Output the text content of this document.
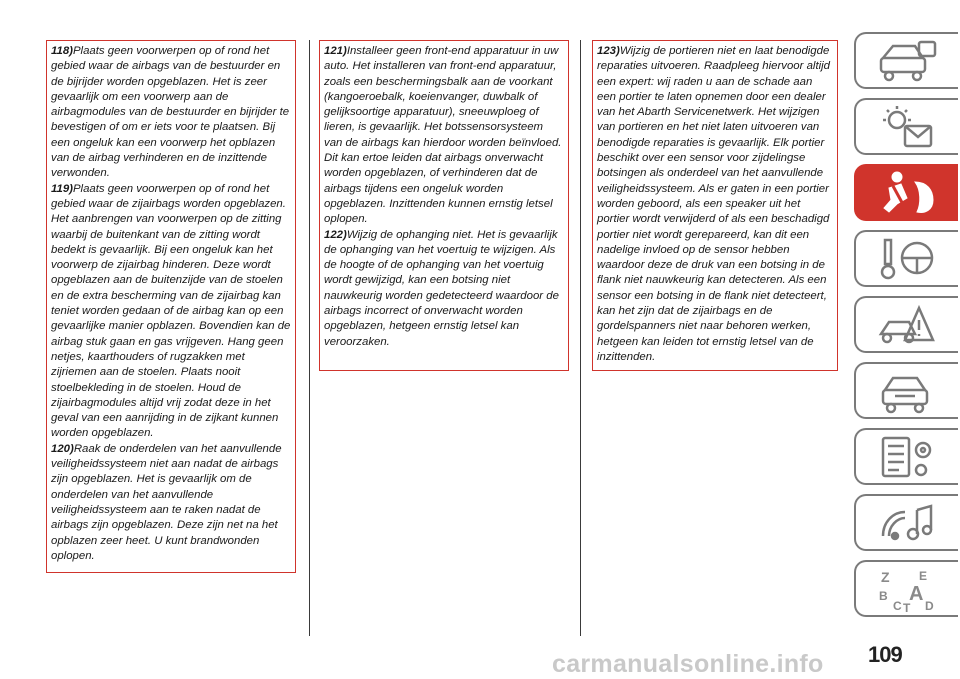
118)Plaats geen voorwerpen op of rond het gebied waar de airbags van de bestuurder en de bijrijder worden opgeblazen. Het is zeer gevaarlijk om een voorwerp aan de airbagmodules van de bestuurder en bijrijder te bevestigen of om er iets voor te plaatsen. Bij een ongeluk kan een voorwerp het opblazen van de airbag verhinderen en de inzittende verwonden.

119)Plaats geen voorwerpen op of rond het gebied waar de zijairbags worden opgeblazen. Het aanbrengen van voorwerpen op de zitting waarbij de buitenkant van de zitting wordt bedekt is gevaarlijk. Bij een ongeluk kan het voorwerp de zijairbag hinderen. Deze wordt opgeblazen aan de buitenzijde van de stoelen en de extra bescherming van de zijairbag kan teniet worden gedaan of de airbag kan op een gevaarlijke manier opblazen. Bovendien kan de airbag stuk gaan en gas vrijgeven. Hang geen netjes, kaarthouders of rugzakken met zijriemen aan de stoelen. Plaats nooit stoelbekleding in de stoelen. Houd de zijairbagmodules altijd vrij zodat deze in het geval van een aanrijding in de zijkant kunnen worden opgeblazen.

120)Raak de onderdelen van het aanvullende veiligheidssysteem niet aan nadat de airbags zijn opgeblazen. Het is gevaarlijk om de onderdelen van het aanvullende veiligheidssysteem aan te raken nadat de airbags zijn opgeblazen. Deze zijn net na het opblazen zeer heet. U kunt brandwonden oplopen.

121)Installeer geen front-end apparatuur in uw auto. Het installeren van front-end apparatuur, zoals een beschermingsbalk aan de voorkant (kangoeroebalk, koeienvanger, duwbalk of gelijksoortige apparatuur), sneeuwploeg of lieren, is gevaarlijk. Het botssensorsysteem van de airbags kan hierdoor worden beïnvloed. Dit kan ertoe leiden dat airbags onverwacht worden opgeblazen, of verhinderen dat de airbags tijdens een ongeluk worden opgeblazen. Inzittenden kunnen ernstig letsel oplopen.

122)Wijzig de ophanging niet. Het is gevaarlijk de ophanging van het voertuig te wijzigen. Als de hoogte of de ophanging van het voertuig wordt gewijzigd, kan een botsing niet nauwkeurig worden gedetecteerd waardoor de airbags incorrect of onverwacht worden opgeblazen, hetgeen ernstig letsel kan veroorzaken.

123)Wijzig de portieren niet en laat benodigde reparaties uitvoeren. Raadpleeg hiervoor altijd een expert: wij raden u aan de schade aan een portier te laten opnemen door een dealer van het Abarth Servicenetwerk. Het wijzigen van portieren en het niet laten uitvoeren van benodigde reparaties is gevaarlijk. Elk portier beschikt over een sensor voor zijdelingse botsingen als onderdeel van het aanvullende veiligheidssysteem. Als er gaten in een portier worden geboord, als een speaker uit het portier wordt verwijderd of als een beschadigd portier niet wordt gerepareerd, kan dit een nadelige invloed op de sensor hebben waardoor deze de druk van een botsing in de flank niet nauwkeurig kan detecteren. Als een sensor een botsing in de flank niet detecteert, kan het zijn dat de zijairbags en de gordelspanners niet naar behoren werken, hetgeen kan leiden tot ernstig letsel van de inzittenden.

Z E
B A
C T D
carmanualsonline.info 109
